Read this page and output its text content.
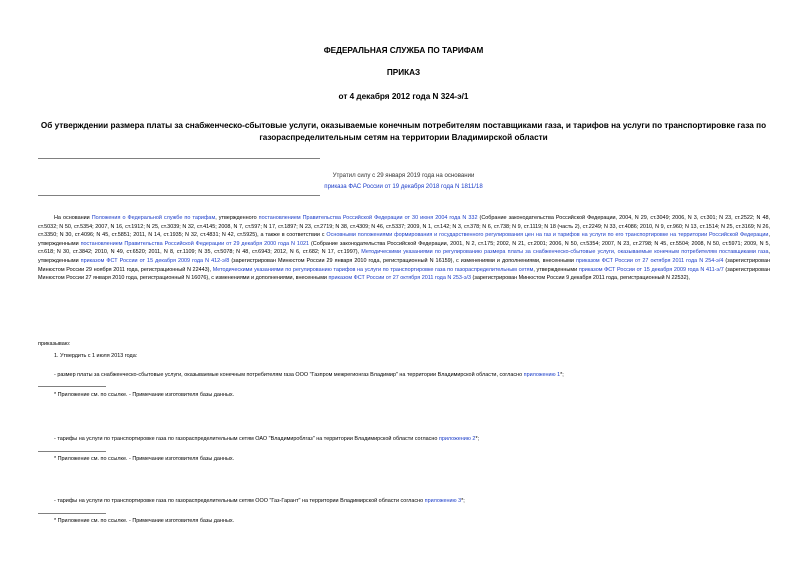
ФЕДЕРАЛЬНАЯ СЛУЖБА ПО ТАРИФАМ
ПРИКАЗ
от 4 декабря 2012 года N 324-э/1
Об утверждении размера платы за снабженческо-сбытовые услуги, оказываемые конечным потребителям поставщиками газа, и тарифов на услуги по транспортировке газа по газораспределительным сетям на территории Владимирской области
Утратил силу с 29 января 2019 года на основании
приказа ФАС России от 19 декабря 2018 года N 1811/18
На основании Положения о Федеральной службе по тарифам, утвержденного постановлением Правительства Российской Федерации от 30 июня 2004 года N 332 (Собрание законодательства Российской Федерации, 2004, N 29, ст.3049; 2006, N 3, ст.301; N 23, ст.2522; N 48, ст.5032; N 50, ст.5354; 2007, N 16, ст.1912; N 25, ст.3039; N 32, ст.4145; 2008, N 7, ст.597; N 17, ст.1897; N 23, ст.2719; N 38, ст.4309; N 46, ст.5337; 2009, N 1, ст.142; N 3, ст.378; N 6, ст.738; N 9, ст.1119; N 18 (часть 2), ст.2249; N 33, ст.4086; 2010, N 9, ст.960; N 13, ст.1514; N 25, ст.3169; N 26, ст.3350; N 30, ст.4096; N 45, ст.5851; 2011, N 14, ст.1935; N 32, ст.4831; N 42, ст.5925), а также в соответствии с Основными положениями формирования и государственного регулирования цен на газ и тарифов на услуги по его транспортировке на территории Российской Федерации, утвержденными постановлением Правительства Российской Федерации от 29 декабря 2000 года N 1021 (Собрание законодательства Российской Федерации, 2001, N 2, ст.175; 2002, N 21, ст.2001; 2006, N 50, ст.5354; 2007, N 23, ст.2798; N 45, ст.5504; 2008, N 50, ст.5971; 2009, N 5, ст.618; N 30, ст.3842; 2010, N 49, ст.6520; 2011, N 8, ст.1109; N 35, ст.5078; N 48, ст.6943; 2012, N 6, ст.682; N 17, ст.1997), Методическими указаниями по регулированию размера платы за снабженческо-сбытовые услуги, оказываемые конечным потребителям поставщиками газа, утвержденными приказом ФСТ России от 15 декабря 2009 года N 412-э/8 (зарегистрирован Минюстом России 29 января 2010 года, регистрационный N 16159), с изменениями и дополнениями, внесенными приказом ФСТ России от 27 октября 2011 года N 254-э/4 (зарегистрирован Минюстом России 29 ноября 2011 года, регистрационный N 22443), Методическими указаниями по регулированию тарифов на услуги по транспортировке газа по газораспределительным сетям, утвержденными приказом ФСТ России от 15 декабря 2009 года N 411-э/7 (зарегистрирован Минюстом России 27 января 2010 года, регистрационный N 16076), с изменениями и дополнениями, внесенными приказом ФСТ России от 27 октября 2011 года N 253-э/3 (зарегистрирован Минюстом России 9 декабря 2011 года, регистрационный N 22532),
приказываю:
1. Утвердить с 1 июля 2013 года:
- размер платы за снабженческо-сбытовые услуги, оказываемые конечным потребителям газа ООО "Газпром межрегионгаз Владимир" на территории Владимирской области, согласно приложению 1*;
* Приложение см. по ссылке. - Примечание изготовителя базы данных.
- тарифы на услуги по транспортировке газа по газораспределительным сетям ОАО "Владимироблгаз" на территории Владимирской области согласно приложению 2*;
* Приложение см. по ссылке. - Примечание изготовителя базы данных.
- тарифы на услуги по транспортировке газа по газораспределительным сетям ООО "Газ-Гарант" на территории Владимирской области согласно приложению 3*;
* Приложение см. по ссылке. - Примечание изготовителя базы данных.
